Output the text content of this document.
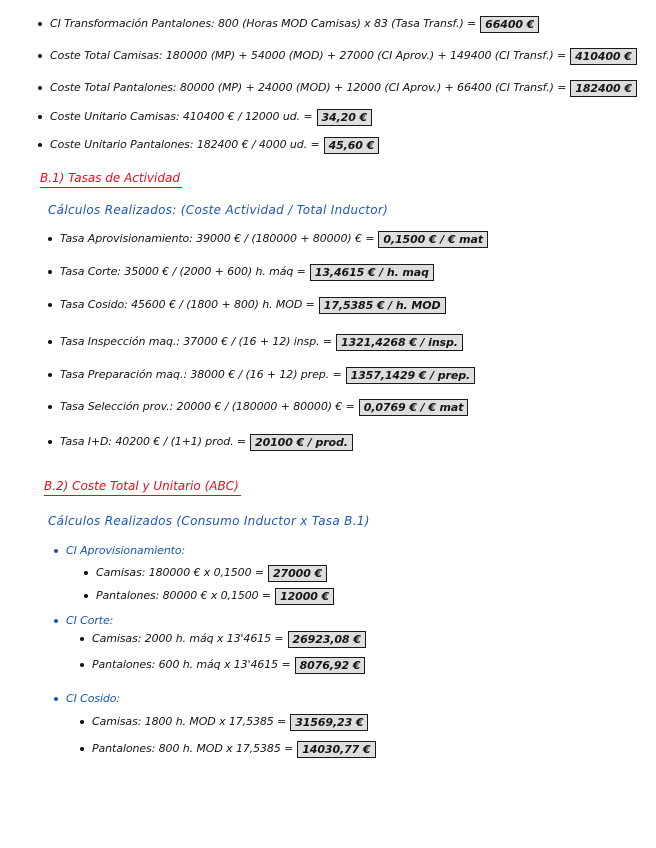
CI Transformación Pantalones: 800 (Horas MOD Camisas) x 83 (Tasa Transf.) = 66400 €
Coste Total Camisas: 180000 (MP) + 54000 (MOD) + 27000 (CI Aprov.) + 149400 (CI Transf.) = 410400 €
Coste Total Pantalones: 80000 (MP) + 24000 (MOD) + 12000 (CI Aprov.) + 66400 (CI Transf.) = 182400 €
Coste Unitario Camisas: 410400 € / 12000 ud. = 34,20 €
Coste Unitario Pantalones: 182400 € / 4000 ud. = 45,60 €
B.1) Tasas de Actividad
Cálculos Realizados: (Coste Actividad / Total Inductor)
Tasa Aprovisionamiento: 39000 € / (180000 + 80000) € = 0,1500 € / € mat
Tasa Corte: 35000 € / (2000 + 600) h. máq = 13,4615 € / h. maq
Tasa Cosido: 45600 € / (1800 + 800) h. MOD = 17,5385 € / h. MOD
Tasa Inspección maq.: 37000 € / (16 + 12) insp. = 1321,4268 € / insp.
Tasa Preparación maq.: 38000 € / (16 + 12) prep. = 1357,1429 € / prep.
Tasa Selección prov.: 20000 € / (180000 + 80000) € = 0,0769 € / € mat
Tasa I+D: 40200 € / (1+1) prod. = 20100 € / prod.
B.2) Coste Total y Unitario (ABC)
Cálculos Realizados (Consumo Inductor x Tasa B.1)
CI Aprovisionamiento:
Camisas: 180000 € x 0,1500 = 27000 €
Pantalones: 80000 € x 0,1500 = 12000 €
CI Corte:
Camisas: 2000 h. máq x 13'4615 = 26923,08 €
Pantalones: 600 h. máq x 13'4615 = 8076,92 €
CI Cosido:
Camisas: 1800 h. MOD x 17,5385 = 31569,23 €
Pantalones: 800 h. MOD x 17,5385 = 14030,77 €
